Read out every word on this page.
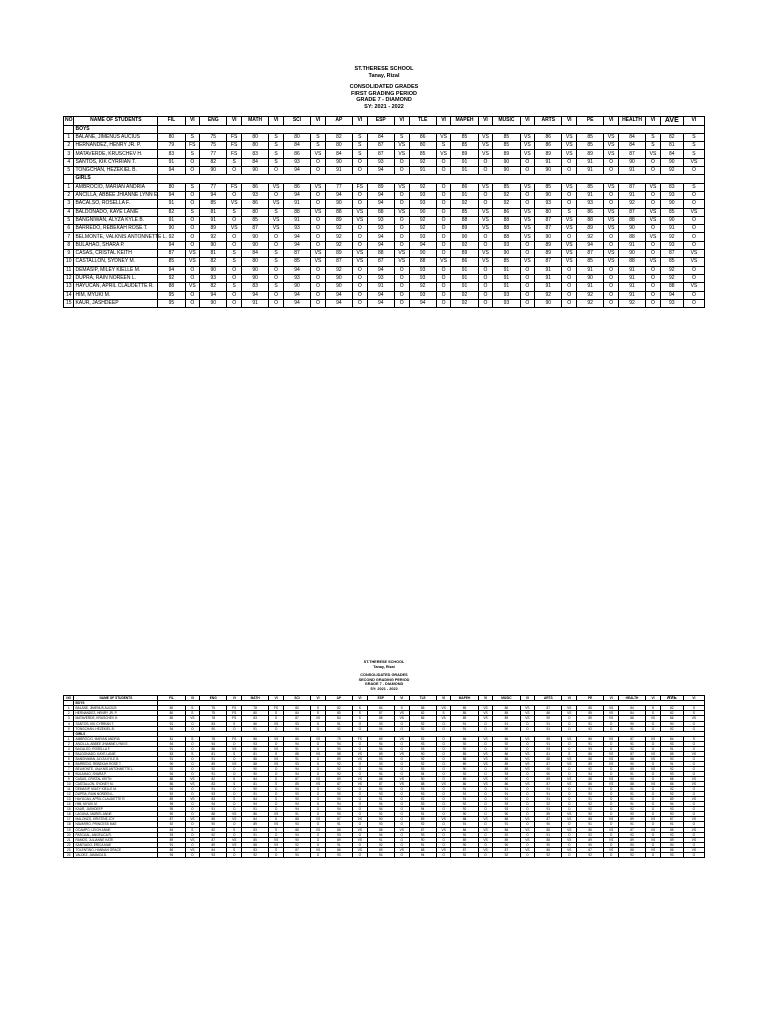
ST.THERESE SCHOOL
Tanay, Rizal
CONSOLIDATED GRADES
FIRST GRADING PERIOD
GRADE 7 - DIAMOND
SY: 2021 - 2022
NO	NAME OF STUDENTS	FIL	VI	ENG	VI	MATH	VI	SCI	VI	AP	VI	ESP	VI	TLE	VI	MAPEH	VI	MUSIC	VI	ARTS	VI	PE	VI	HEALTH	VI	AVE	VI
	BOYS																										
1	BALANE, JIMENUS AUCIUS	80	S	75	FS	80	S	80	S	82	S	84	S	86	VS	85	VS	85	VS	86	VS	85	VS	84	S	82	S
2	HERNANDEZ, HENRY JR. P.	79	FS	75	FS	80	S	84	S	80	S	87	VS	80	S	85	VS	85	VS	86	VS	85	VS	84	S	81	S
3	MATAVERDE, KRUSCHEV H.	83	S	77	FS	83	S	86	VS	84	S	87	VS	85	VS	89	VS	89	VS	89	VS	89	VS	87	VS	84	S
4	SANTOS, KIK CYRRIAN T.	91	O	82	S	84	S	93	O	90	O	93	O	92	O	91	O	90	O	91	O	91	O	90	O	90	VS
5	TONGCHAN, HEZEKIEL B.	94	O	90	O	90	O	94	O	91	O	94	O	91	O	91	O	90	O	90	O	91	O	91	O	92	O
	GIRLS																										
1	AMBROCIO, MARIAN ANDRIA	80	S	77	FS	86	VS	86	VS	77	FS	89	VS	92	O	86	VS	85	VS	85	VS	85	VS	87	VS	83	S
2	ANCILLA, ABBEE JHIANNE LYNN E.	94	O	94	O	93	O	94	O	94	O	94	O	93	O	91	O	92	O	90	O	91	O	91	O	93	O
3	BACALSO, ROSELLA F.	91	O	85	VS	86	VS	91	O	90	O	94	O	93	O	92	O	92	O	93	O	93	O	92	O	90	O
4	BALDONADO, KAYE LANIE	82	S	81	S	80	S	88	VS	88	VS	88	VS	90	O	85	VS	86	VS	80	S	86	VS	87	VS	85	VS
5	BANGNIWAN, ALYZA KYLE B.	91	O	91	O	85	VS	91	O	89	VS	93	O	92	O	88	VS	88	VS	87	VS	88	VS	88	VS	90	O
6	BARREDO, REBEKAH ROSE T.	90	O	89	VS	87	VS	93	O	92	O	93	O	92	O	89	VS	88	VS	87	VS	89	VS	90	O	91	O
7	BELMONTE, VALKNIS ANTONNETTE L.	92	O	92	O	90	O	94	O	92	O	94	O	93	O	90	O	88	VS	90	O	92	O	88	VS	92	O
8	BULAHAO, SHARA P.	94	O	90	O	90	O	94	O	92	O	94	O	94	O	92	O	93	O	89	VS	94	O	91	O	93	O
9	CASAS, CRISTAL KEITH	87	VS	81	S	84	S	87	VS	89	VS	88	VS	90	O	89	VS	90	O	89	VS	87	VS	90	O	87	VS
10	CASTALLON, SYDNEY M.	85	VS	82	S	80	S	85	VS	87	VS	87	VS	88	VS	86	VS	85	VS	87	VS	85	VS	88	VS	85	VS
11	DEMASIP, MILEY KIELLE M.	94	O	90	O	90	O	94	O	92	O	94	O	93	O	91	O	91	O	91	O	91	O	91	O	92	O
12	DUPRA, RAIN NOREEN L.	92	O	93	O	90	O	93	O	90	O	93	O	93	O	91	O	91	O	91	O	90	O	91	O	92	O
13	HAYUCAN, APRIL CLAUDETTE R.	88	VS	82	S	83	S	90	O	90	O	91	O	92	O	91	O	91	O	91	O	91	O	91	O	88	VS
14	HIM, MYUKI M.	95	O	94	O	94	O	94	O	94	O	94	O	93	O	92	O	93	O	92	O	92	O	91	O	94	O
15	KAUR, JASHDEEP	95	O	90	O	91	O	94	O	94	O	94	O	94	O	92	O	93	O	90	O	92	O	92	O	93	O
ST.THERESE SCHOOL
Tanay, Rizal
CONSOLIDATED GRADES
SECOND GRADING PERIOD
GRADE 7 - DIAMOND
SY: 2021 - 2022
NO	NAME OF STUDENTS	FIL	VI	ENG	VI	MATH	VI	SCI	VI	AP	VI	ESP	VI	TLE	VI	MAPEH	VI	MUSIC	VI	ARTS	VI	PE	VI	HEALTH	VI	AVE	VI
	BOYS																										
1	BALANE, JIMENUS AUCIUS	80	S	75	FS	78	FS	80	S	82	S	84	S	86	VS	85	VS	86	VS	87	VS	85	VS	84	S	82	S
2	HERNANDEZ, HENRY JR. P.	80	S	75	FS	80	S	84	S	80	S	87	VS	82	S	85	VS	85	VS	86	VS	85	VS	84	S	82	S
3	MATAVERDE, KRUSCHEV H.	85	VS	78	FS	83	S	87	VS	84	S	88	VS	86	VS	89	VS	89	VS	90	O	89	VS	88	VS	86	VS
4	SANTOS, KIK CYRRIAN T.	91	O	83	S	86	VS	93	O	91	O	93	O	92	O	91	O	91	O	91	O	91	O	90	O	90	O
5	TONGCHAN, HEZEKIEL B.	94	O	90	O	91	O	94	O	92	O	94	O	92	O	91	O	90	O	91	O	92	O	91	O	92	O
	GIRLS																										
1	AMBROCIO, MARIAN ANDRIA	81	S	78	FS	86	VS	86	VS	79	FS	89	VS	92	O	86	VS	86	VS	85	VS	86	VS	87	VS	84	S
2	ANCILLA, ABBEE JHIANNE LYNN E.	94	O	94	O	93	O	94	O	94	O	94	O	93	O	92	O	92	O	91	O	91	O	91	O	93	O
3	BACALSO, ROSELLA F.	91	O	86	VS	86	VS	91	O	90	O	94	O	93	O	92	O	92	O	93	O	93	O	92	O	91	O
4	BALDONADO, KAYE LANIE	83	S	81	S	81	S	88	VS	88	VS	89	VS	90	O	85	VS	86	VS	81	S	86	VS	87	VS	85	VS
5	BANGNIWAN, ALYZA KYLE B.	91	O	91	O	86	VS	91	O	89	VS	93	O	92	O	88	VS	88	VS	88	VS	88	VS	88	VS	90	O
6	BARREDO, REBEKAH ROSE T.	90	O	89	VS	88	VS	93	O	92	O	93	O	92	O	89	VS	89	VS	87	VS	89	VS	90	O	91	O
7	BELMONTE, VALKNIS ANTONNETTE L.	92	O	92	O	90	O	94	O	92	O	94	O	93	O	90	O	89	VS	90	O	92	O	89	VS	92	O
8	BULAHAO, SHARA P.	94	O	91	O	90	O	94	O	92	O	94	O	94	O	92	O	93	O	90	O	94	O	91	O	93	O
9	CASAS, CRISTAL KEITH	88	VS	82	S	84	S	87	VS	89	VS	88	VS	90	O	89	VS	90	O	89	VS	88	VS	90	O	88	VS
10	CASTALLON, SYDNEY M.	86	VS	83	S	81	S	85	VS	87	VS	87	VS	88	VS	86	VS	86	VS	87	VS	86	VS	88	VS	86	VS
11	DEMASIP, MILEY KIELLE M.	94	O	91	O	90	O	94	O	92	O	94	O	93	O	91	O	91	O	91	O	91	O	91	O	92	O
12	DUPRA, RAIN NOREEN L.	92	O	93	O	91	O	93	O	90	O	93	O	93	O	91	O	91	O	91	O	90	O	91	O	92	O
13	HAYUCAN, APRIL CLAUDETTE R.	89	VS	83	S	84	S	90	O	90	O	91	O	92	O	91	O	91	O	91	O	91	O	91	O	89	VS
14	HIM, MYUKI M.	95	O	94	O	94	O	94	O	94	O	94	O	93	O	92	O	93	O	92	O	92	O	91	O	94	O
15	KAUR, JASHDEEP	95	O	91	O	91	O	94	O	94	O	94	O	94	O	92	O	93	O	91	O	92	O	92	O	93	O
16	LAGUNA, MARIEL ANNE	90	O	88	VS	86	VS	91	O	90	O	92	O	91	O	90	O	90	O	89	VS	90	O	90	O	90	O
17	MALONZO, KRISTINE JOY	87	VS	85	VS	84	S	88	VS	87	VS	90	O	89	VS	88	VS	88	VS	87	VS	88	VS	89	VS	87	VS
18	NAVARRO, PRINCESS MAE	92	O	90	O	89	VS	93	O	91	O	93	O	92	O	91	O	91	O	90	O	91	O	91	O	91	O
19	OCAMPO, LEIGH ANNE	84	S	82	S	83	S	86	VS	85	VS	88	VS	87	VS	86	VS	86	VS	85	VS	86	VS	87	VS	85	VS
20	PASCUAL, ANGELICA R.	93	O	92	O	91	O	94	O	93	O	94	O	93	O	92	O	92	O	91	O	92	O	92	O	92	O
21	RAMOS, JULIANNE KATE	89	VS	87	VS	85	VS	90	O	89	VS	91	O	90	O	89	VS	89	VS	88	VS	89	VS	89	VS	89	VS
22	SANTIAGO, ERICA MAE	91	O	89	VS	88	VS	92	O	91	O	92	O	91	O	90	O	90	O	90	O	90	O	90	O	90	O
23	TOLENTINO, HANNAH GRACE	86	VS	84	S	83	S	87	VS	86	VS	89	VS	88	VS	87	VS	87	VS	86	VS	87	VS	88	VS	86	VS
24	VALDEZ, JAMAICA D.	94	O	93	O	92	O	94	O	93	O	94	O	94	O	92	O	92	O	92	O	92	O	92	O	93	O
